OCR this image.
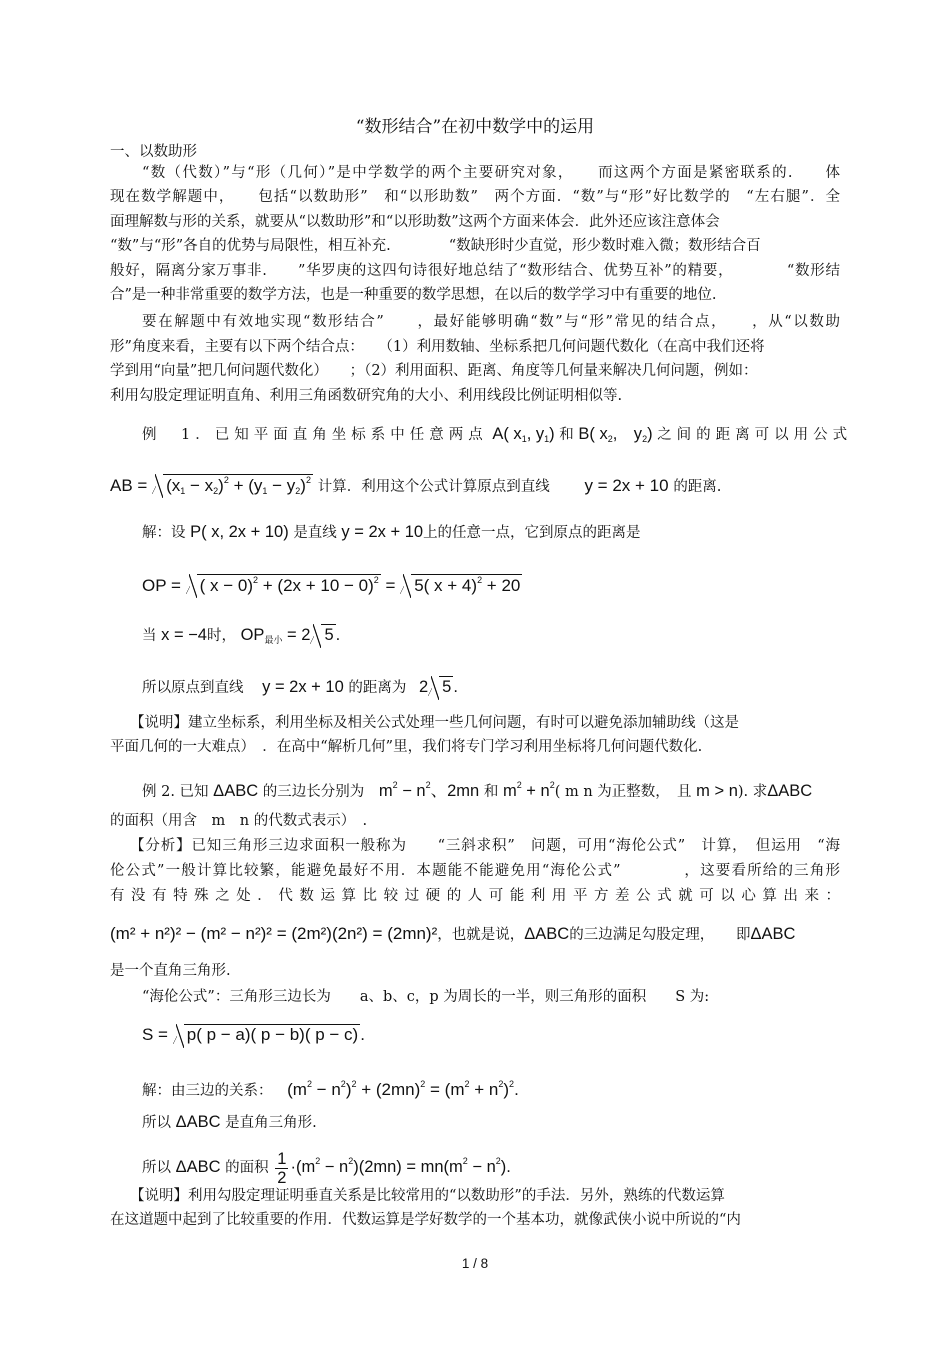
“数形结合”在初中数学中的运用
一、以数助形
“数（代数）”与“形（几何）”是中学数学的两个主要研究对象，　　而这两个方面是紧密联系的.　　体
现在数学解题中，　　包括“以数助形”　和“以形助数”　两个方面．“数”与“形”好比数学的　“左右腿”．全
面理解数与形的关系，就要从“以数助形”和“以形助数”这两个方面来体会．此外还应该注意体会
“数”与“形”各自的优势与局限性，相互补充.　　　　“数缺形时少直觉，形少数时难入微；数形结合百
般好，隔离分家万事非.　　”华罗庚的这四句诗很好地总结了“数形结合、优势互补”的精要，　　　　“数形结
合”是一种非常重要的数学方法，也是一种重要的数学思想，在以后的数学学习中有重要的地位.
要在解题中有效地实现“数形结合”　　，最好能够明确“数”与“形”常见的结合点，　　，从“以数助
形”角度来看，主要有以下两个结合点：　　（1）利用数轴、坐标系把几何问题代数化（在高中我们还将
学到用“向量”把几何问题代数化）　　；（2）利用面积、距离、角度等几何量来解决几何问题，例如：
利用勾股定理证明直角、利用三角函数研究角的大小、利用线段比例证明相似等.
例　1．已知平面直角坐标系中任意两点 A( $x_1$, $y_1$) 和 B( $x_2$,　$y_2$) 之间的距离可以用公式
AB = $(x_1 - x_2)^2 + (y_1 - y_2)^2$ 计算．利用这个公式计算原点到直线 y = 2x + 10 的距离.
解：设 P( x, 2x + 10) 是直线 y = 2x + 10上的任意一点，它到原点的距离是
OP = ( $x - 0)^2 + (2x + 10 - 0)^2 = 5$( x + 4)$^2$ + 20
当 x = −4时， $OP_{最小} = 2$ 5 .
所以原点到直线 y = 2x + 10 的距离为 2 5 .
【说明】建立坐标系，利用坐标及相关公式处理一些几何问题，有时可以避免添加辅助线（这是
平面几何的一大难点）　．在高中“解析几何”里，我们将专门学习利用坐标将几何问题代数化.
例 2. 已知 ΔABC 的三边长分别为 $m^2 - n^2$、2mn 和 $m^2 + n^2$( m n 为正整数，　且 m > n). 求ΔABC
的面积（用含　m　n 的代数式表示）　.
【分析】已知三角形三边求面积一般称为　　“三斜求积”　问题，可用“海伦公式”　计算，　但运用　“海
伦公式”一般计算比较繁，能避免最好不用．本题能不能避免用“海伦公式”　　　　，这要看所给的三角形
有没有特殊之处．代数运算比较过硬的人可能利用平方差公式就可以心算出来：
(m² + n²)² − (m² − n²)² = (2m²)(2n²) = (2mn)²，也就是说，ΔABC的三边满足勾股定理，　　即ΔABC
是一个直角三角形.
“海伦公式”：三角形三边长为　　a、b、c，p 为周长的一半，则三角形的面积　　S 为:
S = p( p − a)( p − b)( p − c) .
解：由三边的关系： $(m^2 - n^2)^2 + (2mn)^2 = (m^2 + n^2)^2$.
所以 ΔABC 是直角三角形.
所以 ΔABC 的面积 $\frac{1}{2} \cdot(m^2 - n^2)(2mn) = mn(m^2 - n^2)$.
【说明】利用勾股定理证明垂直关系是比较常用的“以数助形”的手法．另外，熟练的代数运算
在这道题中起到了比较重要的作用．代数运算是学好数学的一个基本功，就像武侠小说中所说的“内
1 / 8
